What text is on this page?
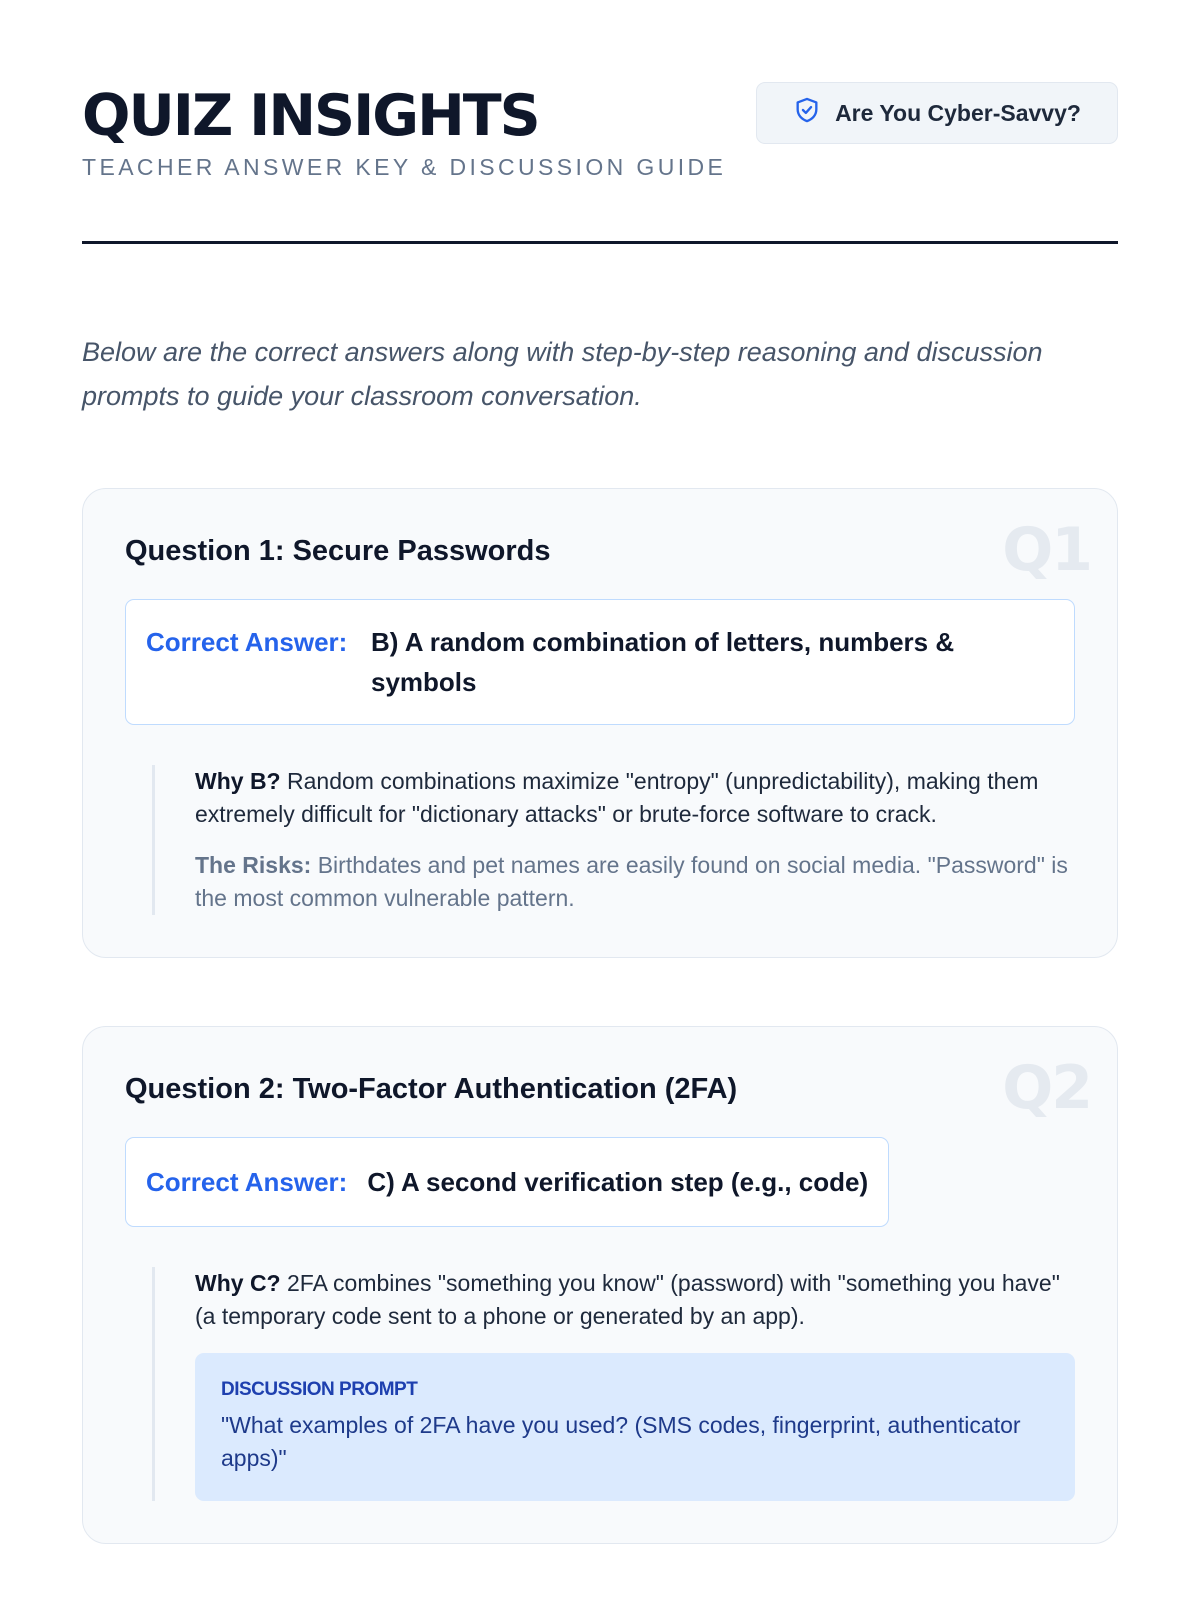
QUIZ INSIGHTS
TEACHER ANSWER KEY & DISCUSSION GUIDE
Are You Cyber-Savvy?

Below are the correct answers along with step-by-step reasoning and discussion prompts to guide your classroom conversation.

Q1
Question 1: Secure Passwords
Correct Answer: B) A random combination of letters, numbers & symbols

Why B? Random combinations maximize "entropy" (unpredictability), making them extremely difficult for "dictionary attacks" or brute-force software to crack.

The Risks: Birthdates and pet names are easily found on social media. "Password" is the most common vulnerable pattern.

Q2
Question 2: Two-Factor Authentication (2FA)
Correct Answer: C) A second verification step (e.g., code)

Why C? 2FA combines "something you know" (password) with "something you have" (a temporary code sent to a phone or generated by an app).

DISCUSSION PROMPT
"What examples of 2FA have you used? (SMS codes, fingerprint, authenticator apps)"
